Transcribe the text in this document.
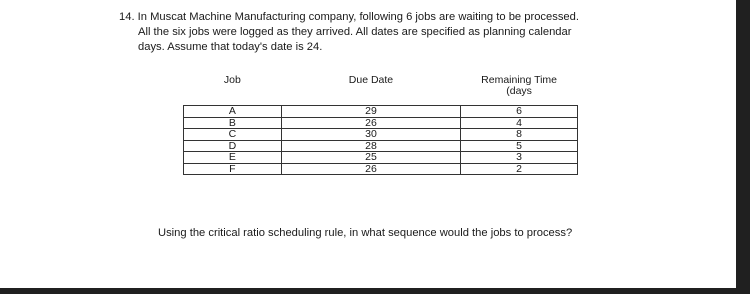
14. In Muscat Machine Manufacturing company, following 6 jobs are waiting to be processed.

All the six jobs were logged as they arrived. All dates are specified as planning calendar

days. Assume that today's date is 24.

Job	Due Date	Remaining Time
(days
A	29	6
B	26	4
C	30	8
D	28	5
E	25	3
F	26	2

Using the critical ratio scheduling rule, in what sequence would the jobs to process?
